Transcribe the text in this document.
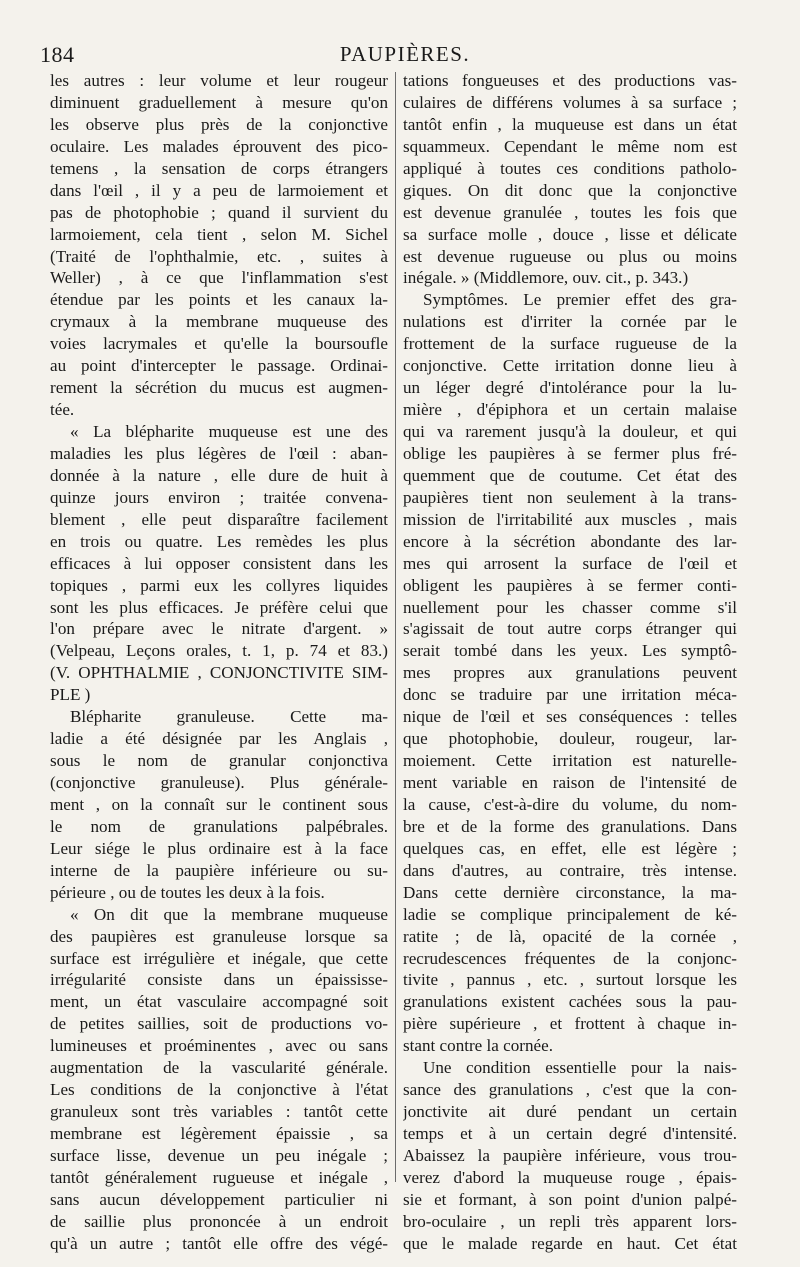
184	PAUPIÈRES.
les autres : leur volume et leur rougeur
diminuent graduellement à mesure qu'on
les observe plus près de la conjonctive
oculaire. Les malades éprouvent des pico-
temens , la sensation de corps étrangers
dans l'œil , il y a peu de larmoiement et
pas de photophobie ; quand il survient du
larmoiement, cela tient , selon M. Sichel
(Traité de l'ophthalmie, etc. , suites à
Weller) , à ce que l'inflammation s'est
étendue par les points et les canaux la-
crymaux à la membrane muqueuse des
voies lacrymales et qu'elle la boursoufle
au point d'intercepter le passage. Ordinai-
rement la sécrétion du mucus est augmen-
tée.
« La blépharite muqueuse est une des
maladies les plus légères de l'œil : aban-
donnée à la nature , elle dure de huit à
quinze jours environ ; traitée convena-
blement , elle peut disparaître facilement
en trois ou quatre. Les remèdes les plus
efficaces à lui opposer consistent dans les
topiques , parmi eux les collyres liquides
sont les plus efficaces. Je préfère celui que
l'on prépare avec le nitrate d'argent. »
(Velpeau, Leçons orales, t. 1, p. 74 et 83.)
(V. OPHTHALMIE , CONJONCTIVITE SIM-
PLE )
Blépharite granuleuse. Cette ma-
ladie a été désignée par les Anglais ,
sous le nom de granular conjonctiva
(conjonctive granuleuse). Plus générale-
ment , on la connaît sur le continent sous
le nom de granulations palpébrales.
Leur siége le plus ordinaire est à la face
interne de la paupière inférieure ou su-
périeure , ou de toutes les deux à la fois.
« On dit que la membrane muqueuse
des paupières est granuleuse lorsque sa
surface est irrégulière et inégale, que cette
irrégularité consiste dans un épaississe-
ment, un état vasculaire accompagné soit
de petites saillies, soit de productions vo-
lumineuses et proéminentes , avec ou sans
augmentation de la vascularité générale.
Les conditions de la conjonctive à l'état
granuleux sont très variables : tantôt cette
membrane est légèrement épaissie , sa
surface lisse, devenue un peu inégale ;
tantôt généralement rugueuse et inégale ,
sans aucun développement particulier ni
de saillie plus prononcée à un endroit
qu'à un autre ; tantôt elle offre des végé-
tations fongueuses et des productions vas-
culaires de différens volumes à sa surface ;
tantôt enfin , la muqueuse est dans un état
squammeux. Cependant le même nom est
appliqué à toutes ces conditions patholo-
giques. On dit donc que la conjonctive
est devenue granulée , toutes les fois que
sa surface molle , douce , lisse et délicate
est devenue rugueuse ou plus ou moins
inégale. » (Middlemore, ouv. cit., p. 343.)
Symptômes. Le premier effet des gra-
nulations est d'irriter la cornée par le
frottement de la surface rugueuse de la
conjonctive. Cette irritation donne lieu à
un léger degré d'intolérance pour la lu-
mière , d'épiphora et un certain malaise
qui va rarement jusqu'à la douleur, et qui
oblige les paupières à se fermer plus fré-
quemment que de coutume. Cet état des
paupières tient non seulement à la trans-
mission de l'irritabilité aux muscles , mais
encore à la sécrétion abondante des lar-
mes qui arrosent la surface de l'œil et
obligent les paupières à se fermer conti-
nuellement pour les chasser comme s'il
s'agissait de tout autre corps étranger qui
serait tombé dans les yeux. Les symptô-
mes propres aux granulations peuvent
donc se traduire par une irritation méca-
nique de l'œil et ses conséquences : telles
que photophobie, douleur, rougeur, lar-
moiement. Cette irritation est naturelle-
ment variable en raison de l'intensité de
la cause, c'est-à-dire du volume, du nom-
bre et de la forme des granulations. Dans
quelques cas, en effet, elle est légère ;
dans d'autres, au contraire, très intense.
Dans cette dernière circonstance, la ma-
ladie se complique principalement de ké-
ratite ; de là, opacité de la cornée ,
recrudescences fréquentes de la conjonc-
tivite , pannus , etc. , surtout lorsque les
granulations existent cachées sous la pau-
pière supérieure , et frottent à chaque in-
stant contre la cornée.
Une condition essentielle pour la nais-
sance des granulations , c'est que la con-
jonctivite ait duré pendant un certain
temps et à un certain degré d'intensité.
Abaissez la paupière inférieure, vous trou-
verez d'abord la muqueuse rouge , épais-
sie et formant, à son point d'union palpé-
bro-oculaire , un repli très apparent lors-
que le malade regarde en haut. Cet état
